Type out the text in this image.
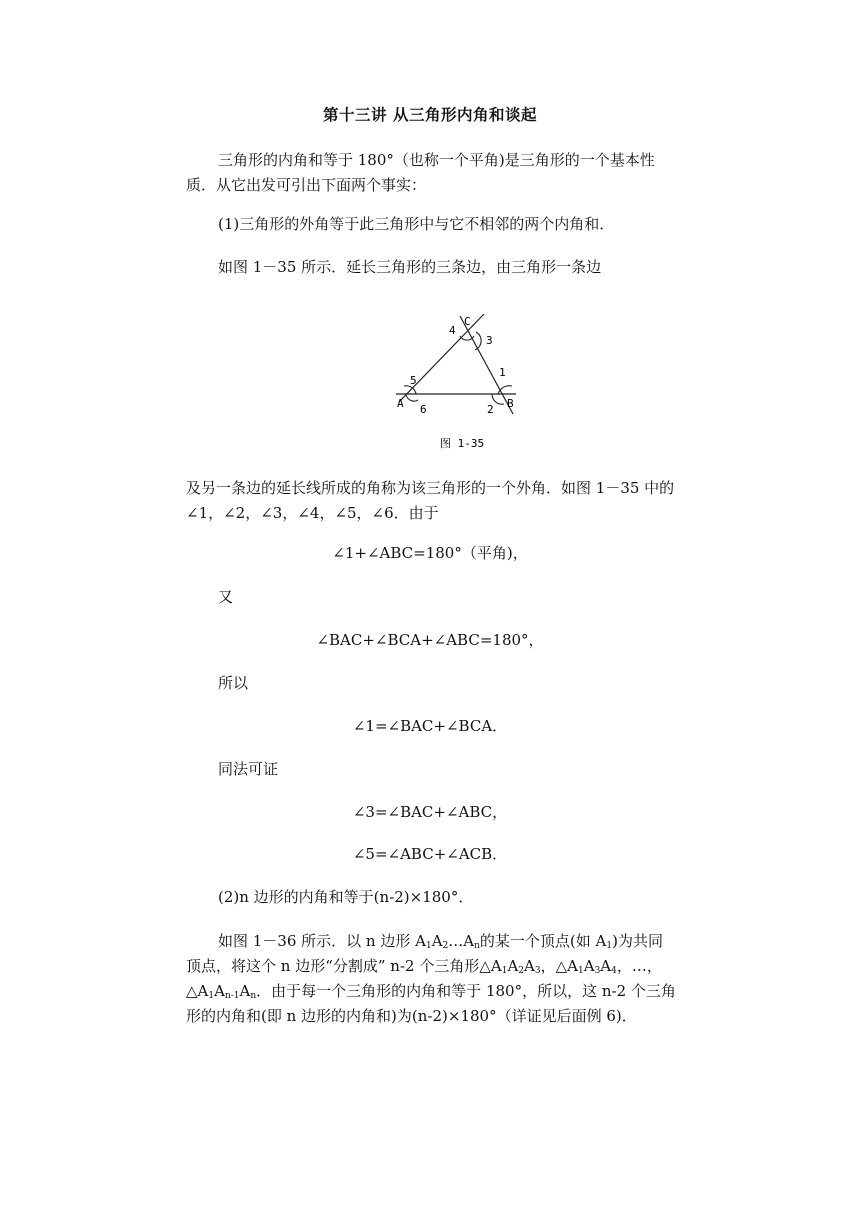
第十三讲 从三角形内角和谈起
三角形的内角和等于 180°（也称一个平角)是三角形的一个基本性质．从它出发可引出下面两个事实：
(1)三角形的外角等于此三角形中与它不相邻的两个内角和．
如图 1－35 所示．延长三角形的三条边，由三角形一条边
C
4
3
1
5
A 6	2 B
图 1-35
及另一条边的延长线所成的角称为该三角形的一个外角．如图 1－35 中的∠1，∠2，∠3，∠4，∠5，∠6．由于
∠1+∠ABC=180°（平角)，
又
∠BAC+∠BCA+∠ABC=180°，
所以
∠1=∠BAC+∠BCA．
同法可证
∠3=∠BAC+∠ABC，
∠5=∠ABC+∠ACB．
(2)n 边形的内角和等于(n-2)×180°．
如图 1－36 所示．以 n 边形 $A_1A_2\dots A_n$的某一个顶点(如 $A_1$)为共同顶点，将这个 n 边形“分割成” n-2 个三角形$\triangle A_1A_2A_3$，$\triangle A_1A_3A_4$，…，$\triangle A_1A_{n-1}A_n$．由于每一个三角形的内角和等于 180°，所以，这 n-2 个三角形的内角和(即 n 边形的内角和)为(n-2)×180°（详证见后面例 6)．
